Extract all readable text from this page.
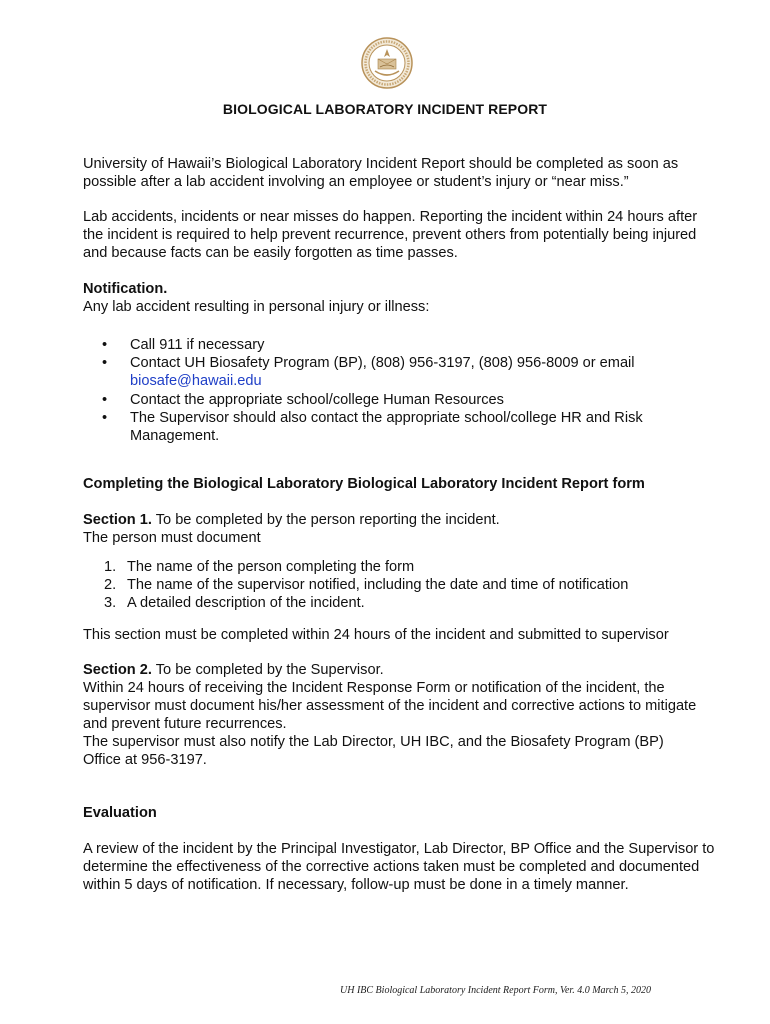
BIOLOGICAL LABORATORY INCIDENT REPORT

University of Hawaii’s Biological Laboratory Incident Report should be completed as soon as possible after a lab accident involving an employee or student’s injury or “near miss.”

Lab accidents, incidents or near misses do happen. Reporting the incident within 24 hours after the incident is required to help prevent recurrence, prevent others from potentially being injured and because facts can be easily forgotten as time passes.

Notification.

Any lab accident resulting in personal injury or illness:

• Call 911 if necessary
• Contact UH Biosafety Program (BP), (808) 956-3197, (808) 956-8009 or email
biosafe@hawaii.edu
• Contact the appropriate school/college Human Resources
• The Supervisor should also contact the appropriate school/college HR and Risk Management.

Completing the Biological Laboratory Biological Laboratory Incident Report form

Section 1. To be completed by the person reporting the incident.

The person must document

1. The name of the person completing the form
2. The name of the supervisor notified, including the date and time of notification
3. A detailed description of the incident.

This section must be completed within 24 hours of the incident and submitted to supervisor

Section 2. To be completed by the Supervisor.

Within 24 hours of receiving the Incident Response Form or notification of the incident, the supervisor must document his/her assessment of the incident and corrective actions to mitigate and prevent future recurrences.

The supervisor must also notify the Lab Director, UH IBC, and the Biosafety Program (BP) Office at 956-3197.

Evaluation

A review of the incident by the Principal Investigator, Lab Director, BP Office and the Supervisor to determine the effectiveness of the corrective actions taken must be completed and documented within 5 days of notification. If necessary, follow-up must be done in a timely manner.

UH IBC Biological Laboratory Incident Report Form, Ver. 4.0 March 5, 2020
